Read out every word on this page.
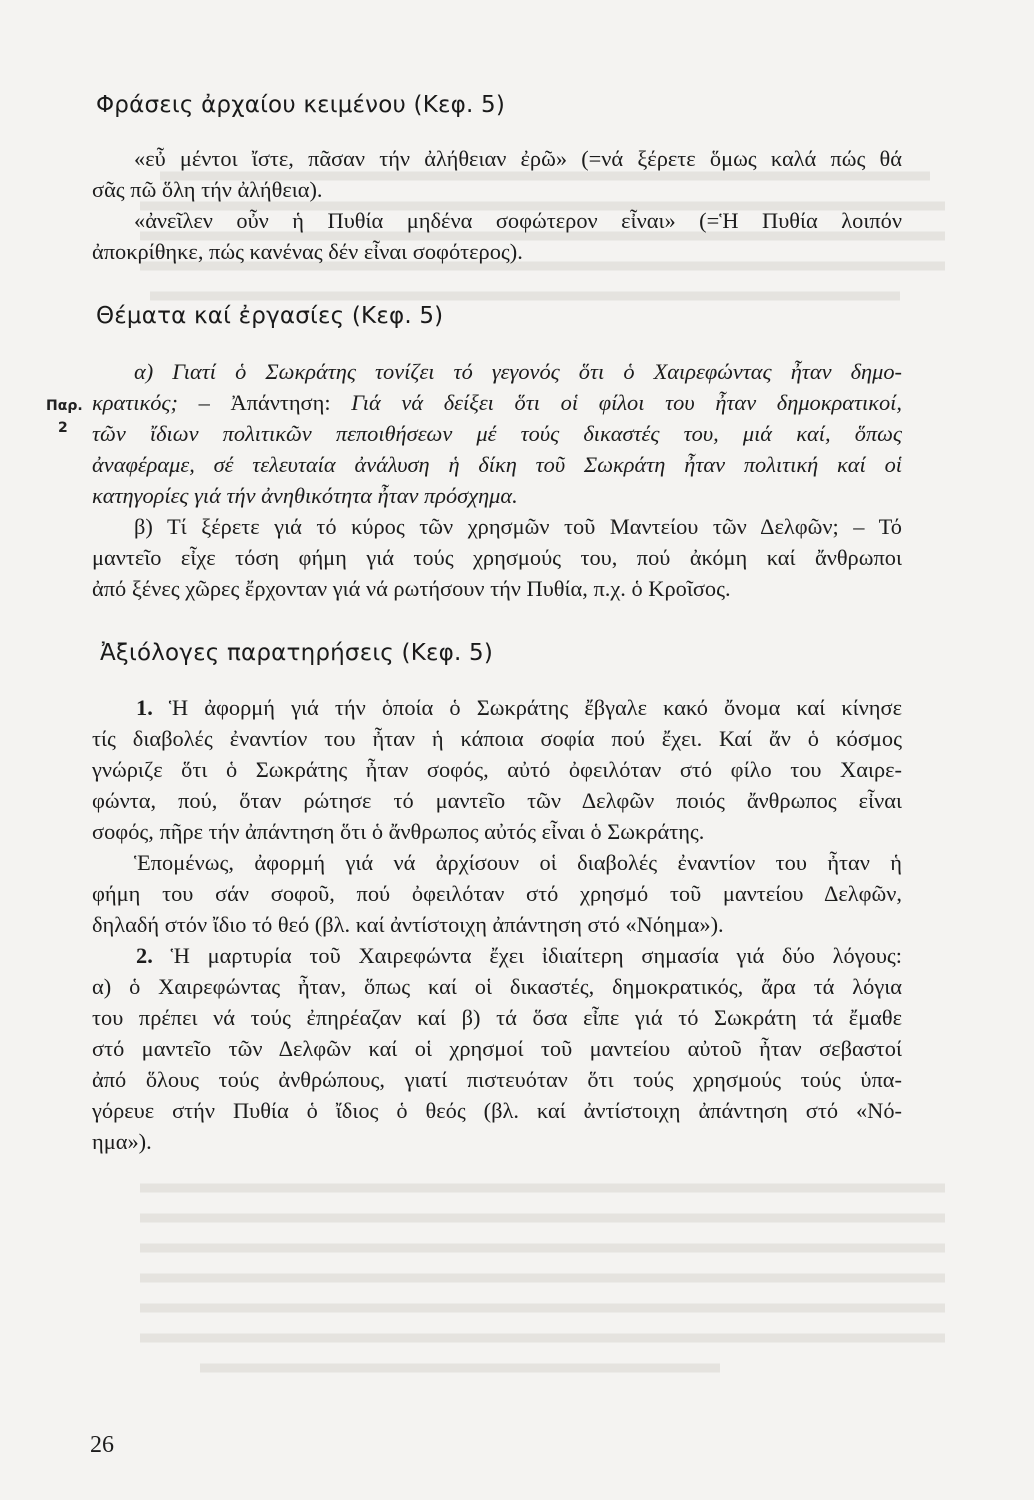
Φράσεις ἀρχαίου κειμένου (Κεφ. 5)
«εὖ μέντοι ἴστε, πᾶσαν τήν ἀλήθειαν ἐρῶ» (=νά ξέρετε ὅμως καλά πώς θά
σᾶς πῶ ὅλη τήν ἀλήθεια).
«ἀνεῖλεν οὖν ἡ Πυθία μηδένα σοφώτερον εἶναι» (=Ἡ Πυθία λοιπόν
ἀποκρίθηκε, πώς κανένας δέν εἶναι σοφότερος).
Θέματα καί ἐργασίες (Κεφ. 5)
Παρ.
2
α) Γιατί ὁ Σωκράτης τονίζει τό γεγονός ὅτι ὁ Χαιρεφώντας ἦταν δημο-
κρατικός; – Ἀπάντηση: Γιά νά δείξει ὅτι οἱ φίλοι του ἦταν δημοκρατικοί,
τῶν ἴδιων πολιτικῶν πεποιθήσεων μέ τούς δικαστές του, μιά καί, ὅπως
ἀναφέραμε, σέ τελευταία ἀνάλυση ἡ δίκη τοῦ Σωκράτη ἦταν πολιτική καί οἱ
κατηγορίες γιά τήν ἀνηθικότητα ἦταν πρόσχημα.
β) Τί ξέρετε γιά τό κύρος τῶν χρησμῶν τοῦ Μαντείου τῶν Δελφῶν; – Τό
μαντεῖο εἶχε τόση φήμη γιά τούς χρησμούς του, πού ἀκόμη καί ἄνθρωποι
ἀπό ξένες χῶρες ἔρχονταν γιά νά ρωτήσουν τήν Πυθία, π.χ. ὁ Κροῖσος.
Ἀξιόλογες παρατηρήσεις (Κεφ. 5)
1. Ἡ ἀφορμή γιά τήν ὁποία ὁ Σωκράτης ἔβγαλε κακό ὄνομα καί κίνησε
τίς διαβολές ἐναντίον του ἦταν ἡ κάποια σοφία πού ἔχει. Καί ἄν ὁ κόσμος
γνώριζε ὅτι ὁ Σωκράτης ἦταν σοφός, αὐτό ὀφειλόταν στό φίλο του Χαιρε-
φώντα, πού, ὅταν ρώτησε τό μαντεῖο τῶν Δελφῶν ποιός ἄνθρωπος εἶναι
σοφός, πῆρε τήν ἀπάντηση ὅτι ὁ ἄνθρωπος αὐτός εἶναι ὁ Σωκράτης.
Ἑπομένως, ἀφορμή γιά νά ἀρχίσουν οἱ διαβολές ἐναντίον του ἦταν ἡ
φήμη του σάν σοφοῦ, πού ὀφειλόταν στό χρησμό τοῦ μαντείου Δελφῶν,
δηλαδή στόν ἴδιο τό θεό (βλ. καί ἀντίστοιχη ἀπάντηση στό «Νόημα»).
2. Ἡ μαρτυρία τοῦ Χαιρεφώντα ἔχει ἰδιαίτερη σημασία γιά δύο λόγους:
α) ὁ Χαιρεφώντας ἦταν, ὅπως καί οἱ δικαστές, δημοκρατικός, ἄρα τά λόγια
του πρέπει νά τούς ἐπηρέαζαν καί β) τά ὅσα εἶπε γιά τό Σωκράτη τά ἔμαθε
στό μαντεῖο τῶν Δελφῶν καί οἱ χρησμοί τοῦ μαντείου αὐτοῦ ἦταν σεβαστοί
ἀπό ὅλους τούς ἀνθρώπους, γιατί πιστευόταν ὅτι τούς χρησμούς τούς ὑπα-
γόρευε στήν Πυθία ὁ ἴδιος ὁ θεός (βλ. καί ἀντίστοιχη ἀπάντηση στό «Νό-
ημα»).
26
